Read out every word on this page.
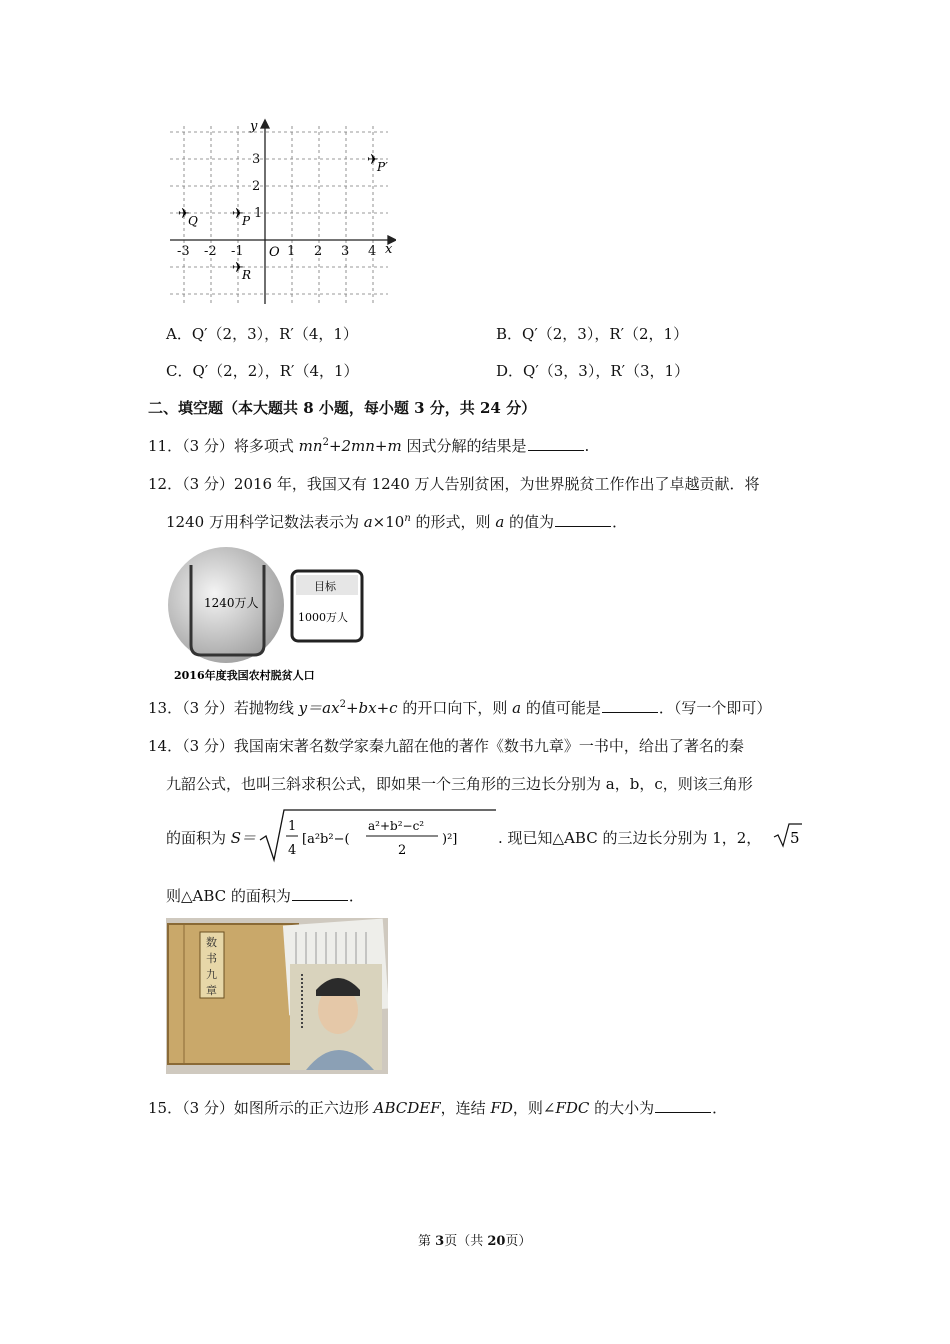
x
y
O
-3 -2 -1	1 2 3 4
1
2
3
✈
Q ✈
P
✈
R
✈
P′
A．Q′（2，3），R′（4，1）	B．Q′（2，3），R′（2，1）
C．Q′（2，2），R′（4，1）	D．Q′（3，3），R′（3，1）
二、填空题（本大题共 8 小题，每小题 3 分，共 24 分）
11．（3 分）将多项式 $mn^2+2mn+m$ 因式分解的结果是	.
12．（3 分）2016 年，我国又有 1240 万人告别贫困，为世界脱贫工作作出了卓越贡献．将
1240 万用科学记数法表示为 $a\times 10^n$ 的形式，则 a 的值为	．
1240万人
目标
1000万人
2016年度我国农村脱贫人口
13．（3 分）若抛物线 $y=ax^2+bx+c$ 的开口向下，则 a 的值可能是	．（写一个即可）
14．（3 分）我国南宋著名数学家秦九韶在他的著作《数书九章》一书中，给出了著名的秦
九韶公式，也叫三斜求积公式，即如果一个三角形的三边长分别为 a，b，c，则该三角形
的面积为 S＝
1
4
[a²b²−(
a²+b²−c²
2
)²]	. 现已知△ABC 的三边长分别为 1，2， 5
则△ABC 的面积为	．
数
书
九
章
15．（3 分）如图所示的正六边形 ABCDEF，连结 FD，则∠FDC 的大小为	．
第 3页（共 20页）
